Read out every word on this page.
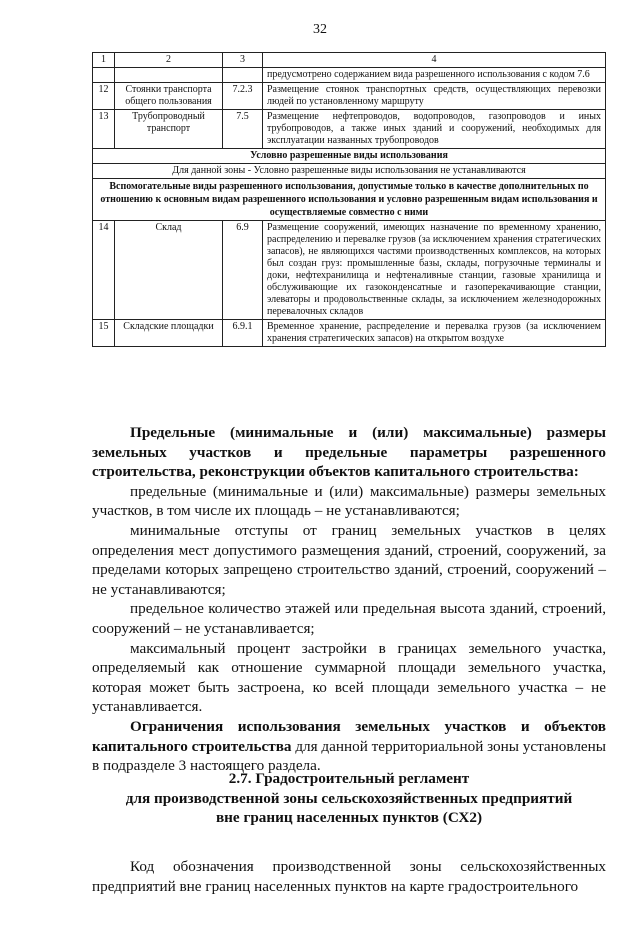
32
1	2	3	4
			предусмотрено содержанием вида разрешенного использования с кодом 7.6
12	Стоянки транспорта общего пользования	7.2.3	Размещение стоянок транспортных средств, осуществляющих перевозки людей по установленному маршруту
13	Трубопроводный транспорт	7.5	Размещение нефтепроводов, водопроводов, газопроводов и иных трубопроводов, а также иных зданий и сооружений, необходимых для эксплуатации названных трубопроводов
Условно разрешенные виды использования			
Для данной зоны - Условно разрешенные виды использования не устанавливаются			
Вспомогательные виды разрешенного использования, допустимые только в качестве дополнительных по отношению к основным видам разрешенного использования и условно разрешенным видам использования и осуществляемые совместно с ними			
14	Склад	6.9	Размещение сооружений, имеющих назначение по временному хранению, распределению и перевалке грузов (за исключением хранения стратегических запасов), не являющихся частями производственных комплексов, на которых был создан груз: промышленные базы, склады, погрузочные терминалы и доки, нефтехранилища и нефтеналивные станции, газовые хранилища и обслуживающие их газоконденсатные и газоперекачивающие станции, элеваторы и продовольственные склады, за исключением железнодорожных перевалочных складов
15	Складские площадки	6.9.1	Временное хранение, распределение и перевалка грузов (за исключением хранения стратегических запасов) на открытом воздухе

Предельные (минимальные и (или) максимальные) размеры земельных участков и предельные параметры разрешенного строительства, реконструкции объектов капитального строительства:

предельные (минимальные и (или) максимальные) размеры земельных участков, в том числе их площадь – не устанавливаются;

минимальные отступы от границ земельных участков в целях определения мест допустимого размещения зданий, строений, сооружений, за пределами которых запрещено строительство зданий, строений, сооружений – не устанавливаются;

предельное количество этажей или предельная высота зданий, строений, сооружений – не устанавливается;

максимальный процент застройки в границах земельного участка, определяемый как отношение суммарной площади земельного участка, которая может быть застроена, ко всей площади земельного участка – не устанавливается.

Ограничения использования земельных участков и объектов капитального строительства для данной территориальной зоны установлены в подразделе 3 настоящего раздела.

2.7. Градостроительный регламент
для производственной зоны сельскохозяйственных предприятий
вне границ населенных пунктов (СХ2)

Код обозначения производственной зоны сельскохозяйственных предприятий вне границ населенных пунктов на карте градостроительного
